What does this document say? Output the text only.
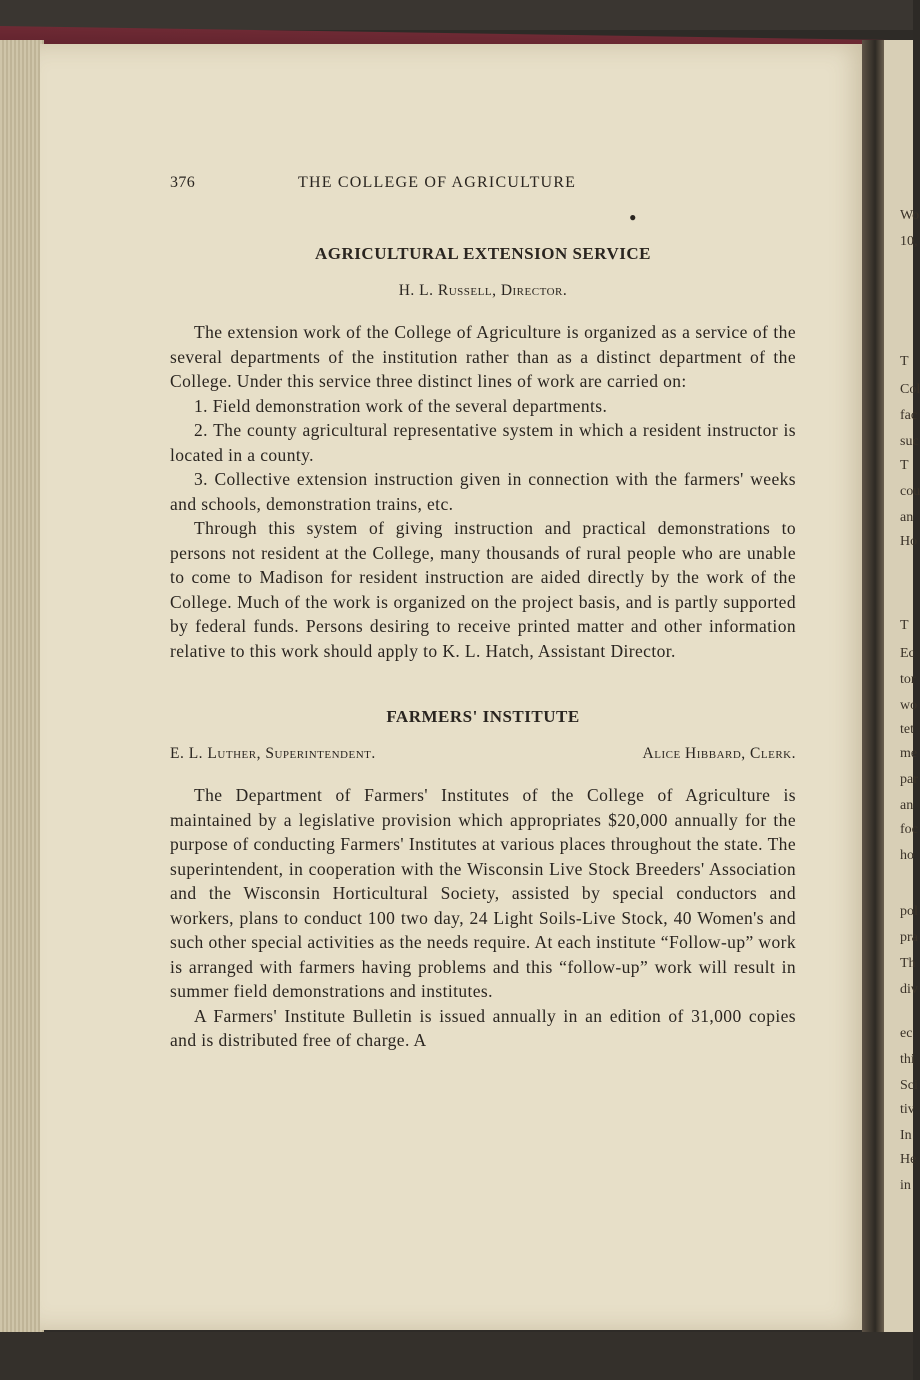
Wo
10,
T
Col
fac
suc
T
cou
an
Ho
T
Ec
tor
wo
tet
me
par
an
foc
ho
pol
pra
Th
div
ec
thi
Sci
tiv
In
He
in
376	THE COLLEGE OF AGRICULTURE
●
AGRICULTURAL EXTENSION SERVICE
H. L. Russell, Director.

The extension work of the College of Agriculture is organized as a service of the several departments of the institution rather than as a distinct department of the College. Under this service three distinct lines of work are carried on:

1. Field demonstration work of the several departments.

2. The county agricultural representative system in which a resident instructor is located in a county.

3. Collective extension instruction given in connection with the farmers' weeks and schools, demonstration trains, etc.

Through this system of giving instruction and practical demonstrations to persons not resident at the College, many thousands of rural people who are unable to come to Madison for resident instruction are aided directly by the work of the College. Much of the work is organized on the project basis, and is partly supported by federal funds. Persons desiring to receive printed matter and other information relative to this work should apply to K. L. Hatch, Assistant Director.

FARMERS' INSTITUTE
E. L. Luther, Superintendent.	Alice Hibbard, Clerk.

The Department of Farmers' Institutes of the College of Agriculture is maintained by a legislative provision which appropriates $20,000 annually for the purpose of conducting Farmers' Institutes at various places throughout the state. The superintendent, in cooperation with the Wisconsin Live Stock Breeders' Association and the Wisconsin Horticultural Society, assisted by special conductors and workers, plans to conduct 100 two day, 24 Light Soils-Live Stock, 40 Women's and such other special activities as the needs require. At each institute “Follow-up” work is arranged with farmers having problems and this “follow-up” work will result in summer field demonstrations and institutes.

A Farmers' Institute Bulletin is issued annually in an edition of 31,000 copies and is distributed free of charge. A
